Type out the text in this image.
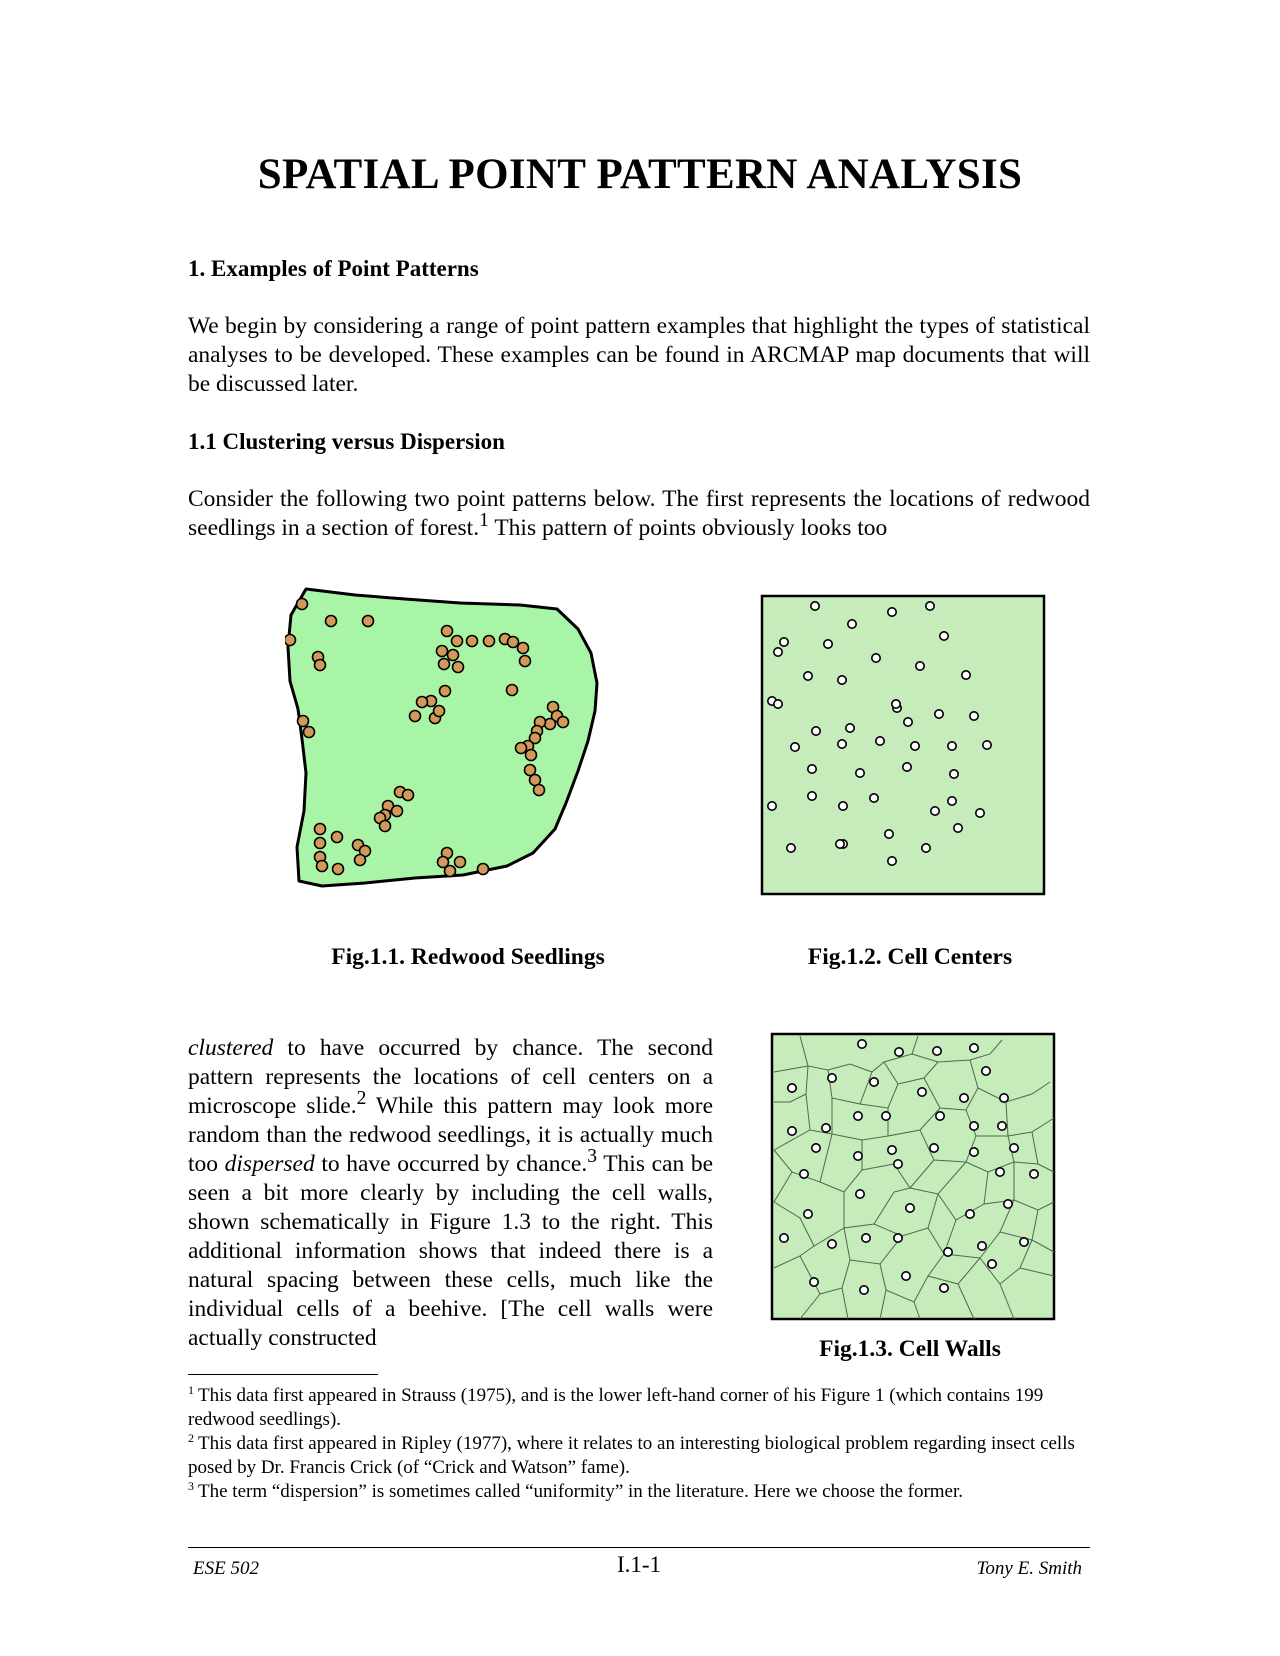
SPATIAL POINT PATTERN ANALYSIS
1. Examples of Point Patterns

We begin by considering a range of point pattern examples that highlight the types of statistical analyses to be developed. These examples can be found in ARCMAP map documents that will be discussed later.

1.1 Clustering versus Dispersion

Consider the following two point patterns below. The first represents the locations of redwood seedlings in a section of forest.$^1$ This pattern of points obviously looks too

Fig.1.1. Redwood Seedlings	Fig.1.2. Cell Centers

clustered to have occurred by chance. The second pattern represents the locations of cell centers on a microscope slide.$^2$ While this pattern may look more random than the redwood seedlings, it is actually much too dispersed to have occurred by chance.$^3$ This can be seen a bit more clearly by including the cell walls, shown schematically in Figure 1.3 to the right. This additional information shows that indeed there is a natural spacing between these cells, much like the individual cells of a beehive. [The cell walls were actually constructed	Fig.1.3. Cell Walls

$^1$ This data first appeared in Strauss (1975), and is the lower left-hand corner of his Figure 1 (which contains 199 redwood seedlings).

$^2$ This data first appeared in Ripley (1977), where it relates to an interesting biological problem regarding insect cells posed by Dr. Francis Crick (of “Crick and Watson” fame).

$^3$ The term “dispersion” is sometimes called “uniformity” in the literature. Here we choose the former.

ESE 502	I.1-1	Tony E. Smith
